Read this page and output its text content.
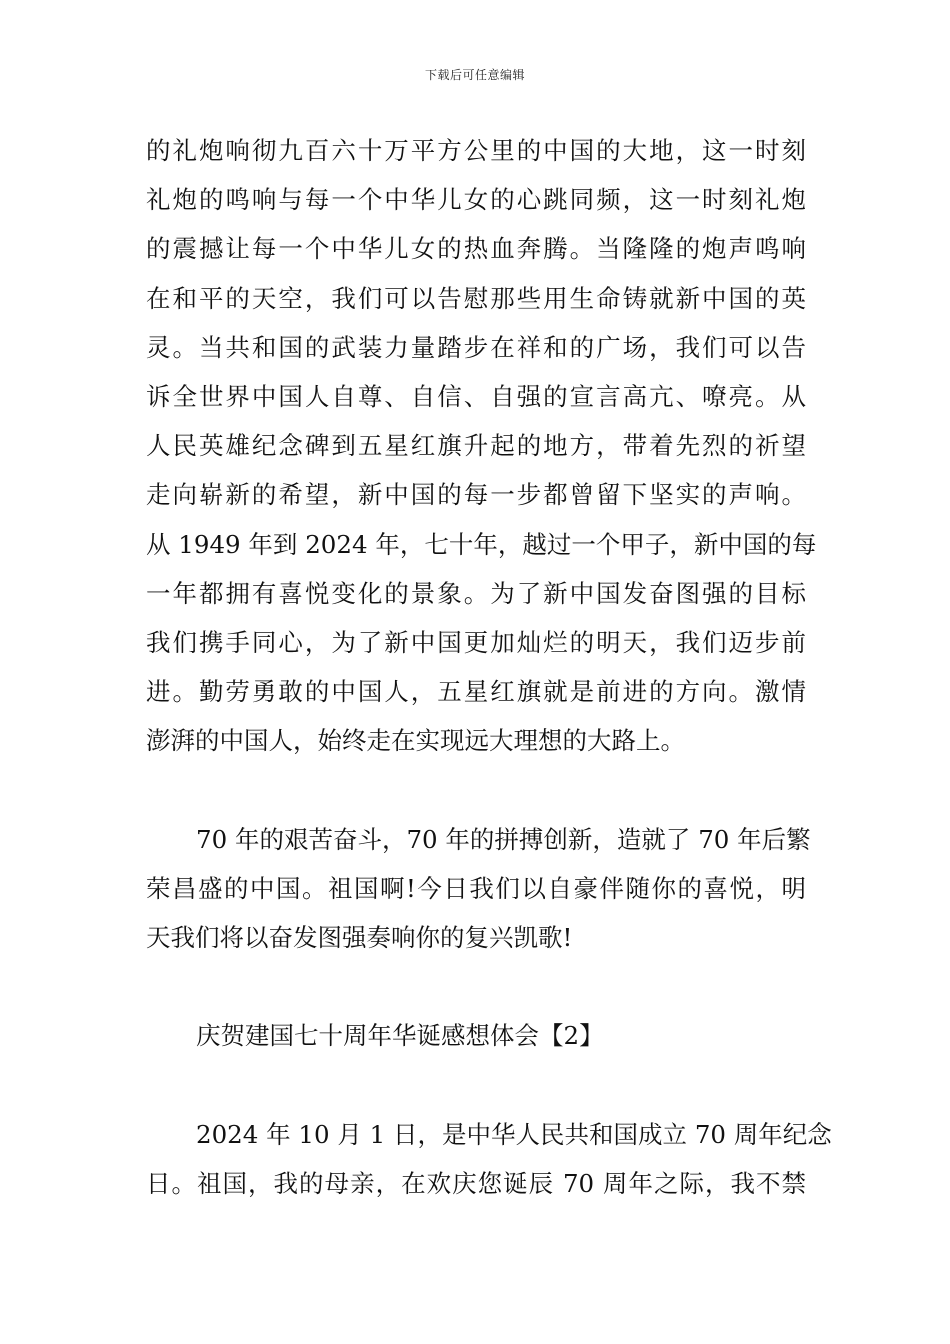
下载后可任意编辑
的礼炮响彻九百六十万平方公里的中国的大地，这一时刻
礼炮的鸣响与每一个中华儿女的心跳同频，这一时刻礼炮
的震撼让每一个中华儿女的热血奔腾。当隆隆的炮声鸣响
在和平的天空，我们可以告慰那些用生命铸就新中国的英
灵。当共和国的武装力量踏步在祥和的广场，我们可以告
诉全世界中国人自尊、自信、自强的宣言高亢、嘹亮。从
人民英雄纪念碑到五星红旗升起的地方，带着先烈的祈望
走向崭新的希望，新中国的每一步都曾留下坚实的声响。
从 1949 年到 2024 年，七十年，越过一个甲子，新中国的每
一年都拥有喜悦变化的景象。为了新中国发奋图强的目标
我们携手同心，为了新中国更加灿烂的明天，我们迈步前
进。勤劳勇敢的中国人，五星红旗就是前进的方向。激情
澎湃的中国人，始终走在实现远大理想的大路上。
70 年的艰苦奋斗，70 年的拼搏创新，造就了 70 年后繁
荣昌盛的中国。祖国啊!今日我们以自豪伴随你的喜悦，明
天我们将以奋发图强奏响你的复兴凯歌!
庆贺建国七十周年华诞感想体会【2】
2024 年 10 月 1 日，是中华人民共和国成立 70 周年纪念
日。祖国，我的母亲，在欢庆您诞辰 70 周年之际，我不禁
